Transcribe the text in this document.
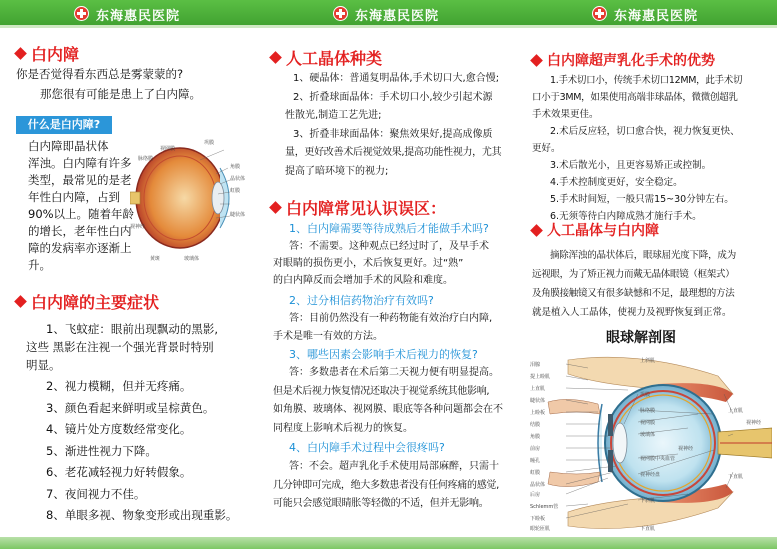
东海惠民医院
白内障
你是否觉得看东西总是雾蒙蒙的?
那您很有可能是患上了白内障。
什么是白内障?
白内障即晶状体
浑浊。白内障有许多
类型，最常见的是老
年性白内障，占到
90%以上。随着年龄
的增长，老年性白内
障的发病率亦逐渐上
升。
视网膜
脉络膜
巩膜
角膜
晶状体
虹膜
视神经
黄斑
睫状体
玻璃体
白内障的主要症状
1、飞蚊症：眼前出现飘动的黑影,
这些 黑影在注视一个强光背景时特别
明显。
2、视力模糊，但并无疼痛。
3、颜色看起来鲜明或呈棕黄色。
4、镜片处方度数经常变化。
5、渐进性视力下降。
6、老花减轻视力好转假象。
7、夜间视力不佳。
8、单眼多视、物象变形或出现重影。
东海惠民医院
人工晶体种类
1、硬晶体：普通复明晶体,手术切口大,愈合慢;
2、折叠球面晶体：手术切口小,较少引起术源
性散光,制造工艺先进;
3、折叠非球面晶体：聚焦效果好,提高成像质
量，更好改善术后视觉效果,提高功能性视力，尤其
提高了暗环境下的视力;
白内障常见认识误区：
1、白内障需要等待成熟后才能做手术吗?
答：不需要。这种观点已经过时了，及早手术
对眼睛的损伤更小，术后恢复更好。过“熟”
的白内障反而会增加手术的风险和难度。
2、过分相信药物治疗有效吗?
答：目前仍然没有一种药物能有效治疗白内障,
手术是唯一有效的方法。
3、哪些因素会影响手术后视力的恢复?
答：多数患者在术后第二天视力便有明显提高。
但是术后视力恢复情况还取决于视觉系统其他影响,
如角膜、玻璃体、视网膜、眼底等各种问题都会在不
同程度上影响术后视力的恢复。
4、白内障手术过程中会很疼吗?
答：不会。超声乳化手术使用局部麻醉，只需十
几分钟即可完成，绝大多数患者没有任何疼痛的感觉,
可能只会感觉眼睛胀等轻微的不适，但并无影响。
东海惠民医院
白内障超声乳化手术的优势
1.手术切口小，传统手术切口12MM，此手术切
口小于3MM，如果使用高端非球晶体，微微创超乳
手术效果更佳。
2.术后反应轻，切口愈合快，视力恢复更快、
更好。
3.术后散光小，且更容易矫正或控制。
4.手术控制度更好，安全稳定。
5.手术时间短，一般只需15~30分钟左右。
6.无须等待白内障成熟才施行手术。
人工晶体与白内障
摘除浑浊的晶状体后，眼球屈光度下降，成为
远视眼，为了矫正视力而戴无晶体眼镜（框架式）
及角膜接触镜又有很多缺憾和不足，最理想的方法
就是植入人工晶体，使视力及视野恢复到正常。
眼球解剖图
泪腺
提上睑肌
上直肌
睫状体
上睑板
结膜
角膜
前房
瞳孔
虹膜
晶状体
后房
Schlemm管
下睑板
下直肌
眼轮匝肌
上斜肌
巩膜
脉络膜
视网膜
玻璃体
视网膜中央血管
视神经盘
视神经
下斜肌
上直肌
视神经
下直肌
